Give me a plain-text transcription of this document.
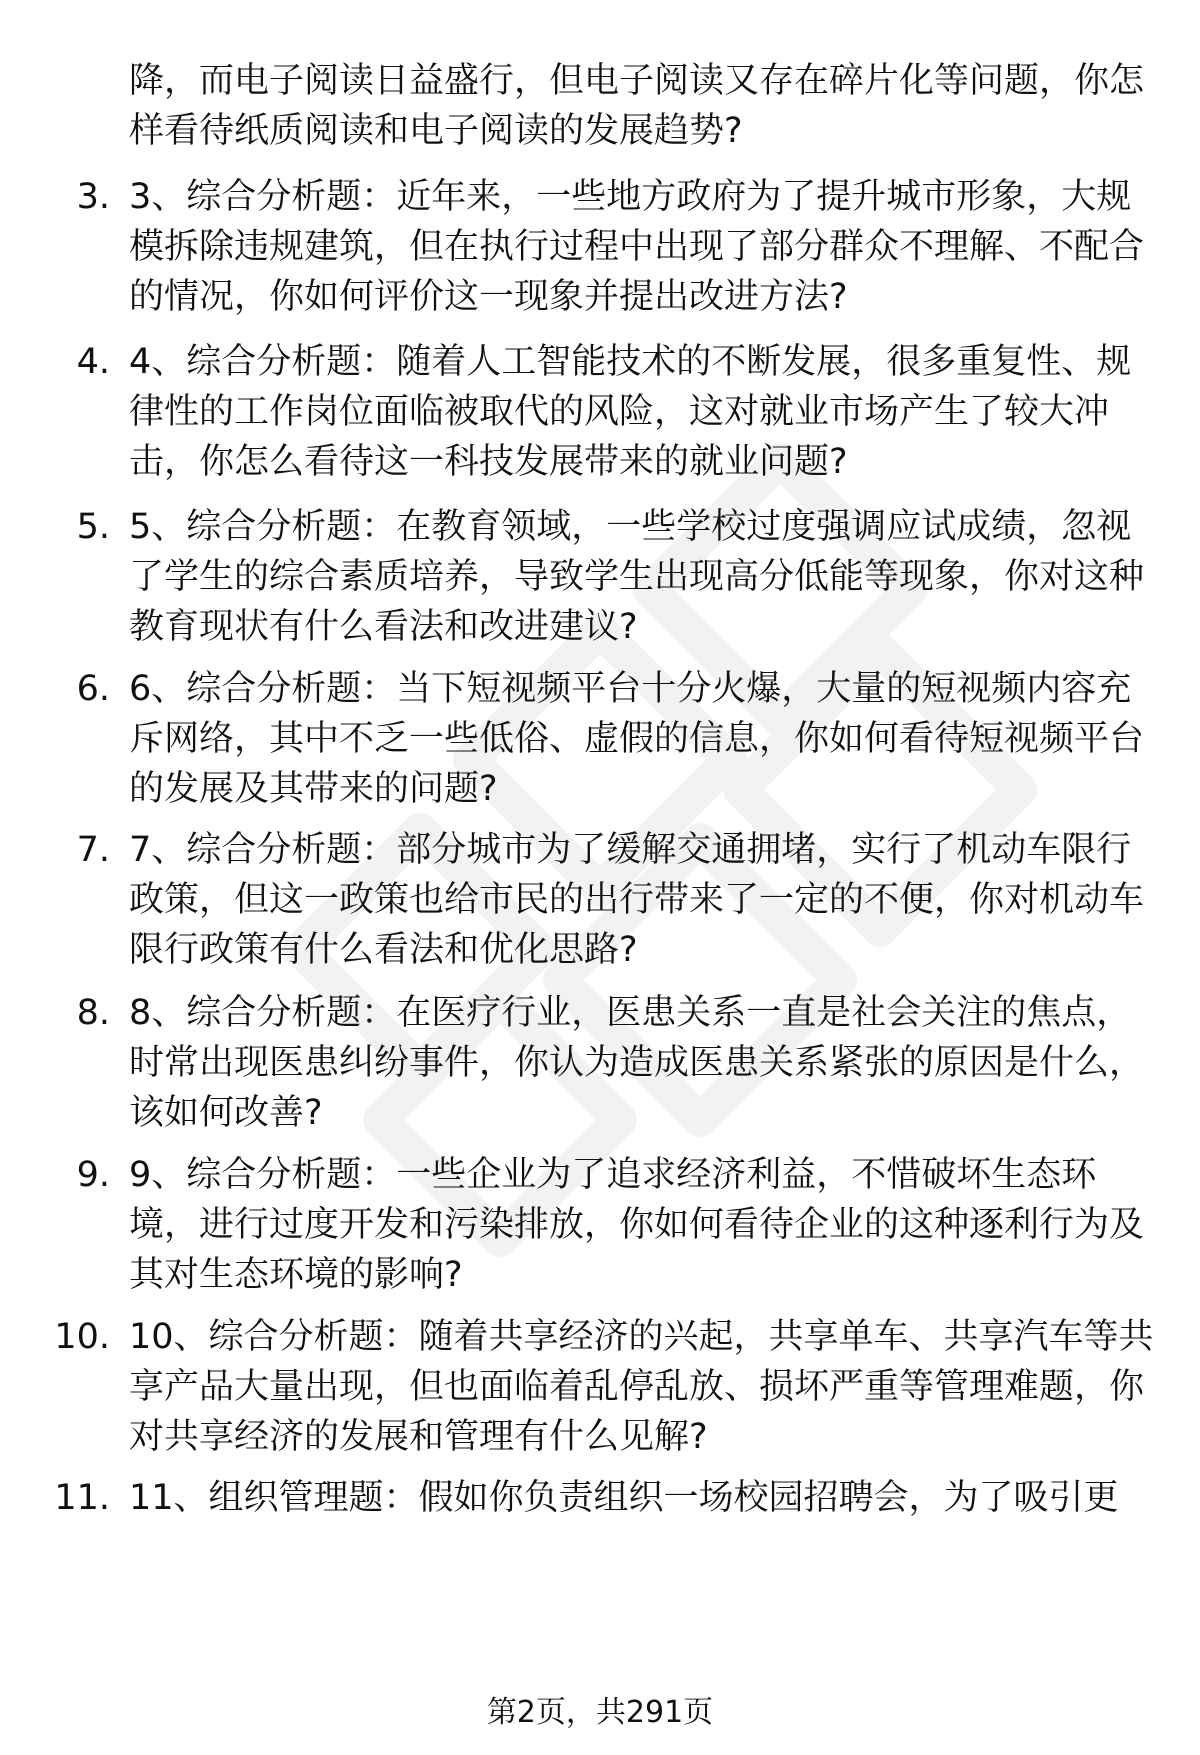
降，而电子阅读日益盛行，但电子阅读又存在碎片化等问题，你怎样看待纸质阅读和电子阅读的发展趋势?

3. 3、综合分析题：近年来，一些地方政府为了提升城市形象，大规模拆除违规建筑，但在执行过程中出现了部分群众不理解、不配合的情况，你如何评价这一现象并提出改进方法?
4. 4、综合分析题：随着人工智能技术的不断发展，很多重复性、规律性的工作岗位面临被取代的风险，这对就业市场产生了较大冲击，你怎么看待这一科技发展带来的就业问题?
5. 5、综合分析题：在教育领域，一些学校过度强调应试成绩，忽视了学生的综合素质培养，导致学生出现高分低能等现象，你对这种教育现状有什么看法和改进建议?
6. 6、综合分析题：当下短视频平台十分火爆，大量的短视频内容充斥网络，其中不乏一些低俗、虚假的信息，你如何看待短视频平台的发展及其带来的问题?
7. 7、综合分析题：部分城市为了缓解交通拥堵，实行了机动车限行政策，但这一政策也给市民的出行带来了一定的不便，你对机动车限行政策有什么看法和优化思路?
8. 8、综合分析题：在医疗行业，医患关系一直是社会关注的焦点，时常出现医患纠纷事件，你认为造成医患关系紧张的原因是什么，该如何改善?
9. 9、综合分析题：一些企业为了追求经济利益，不惜破坏生态环境，进行过度开发和污染排放，你如何看待企业的这种逐利行为及其对生态环境的影响?
10. 10、综合分析题：随着共享经济的兴起，共享单车、共享汽车等共享产品大量出现，但也面临着乱停乱放、损坏严重等管理难题，你对共享经济的发展和管理有什么见解?
11. 11、组织管理题：假如你负责组织一场校园招聘会，为了吸引更
第2页，共291页
